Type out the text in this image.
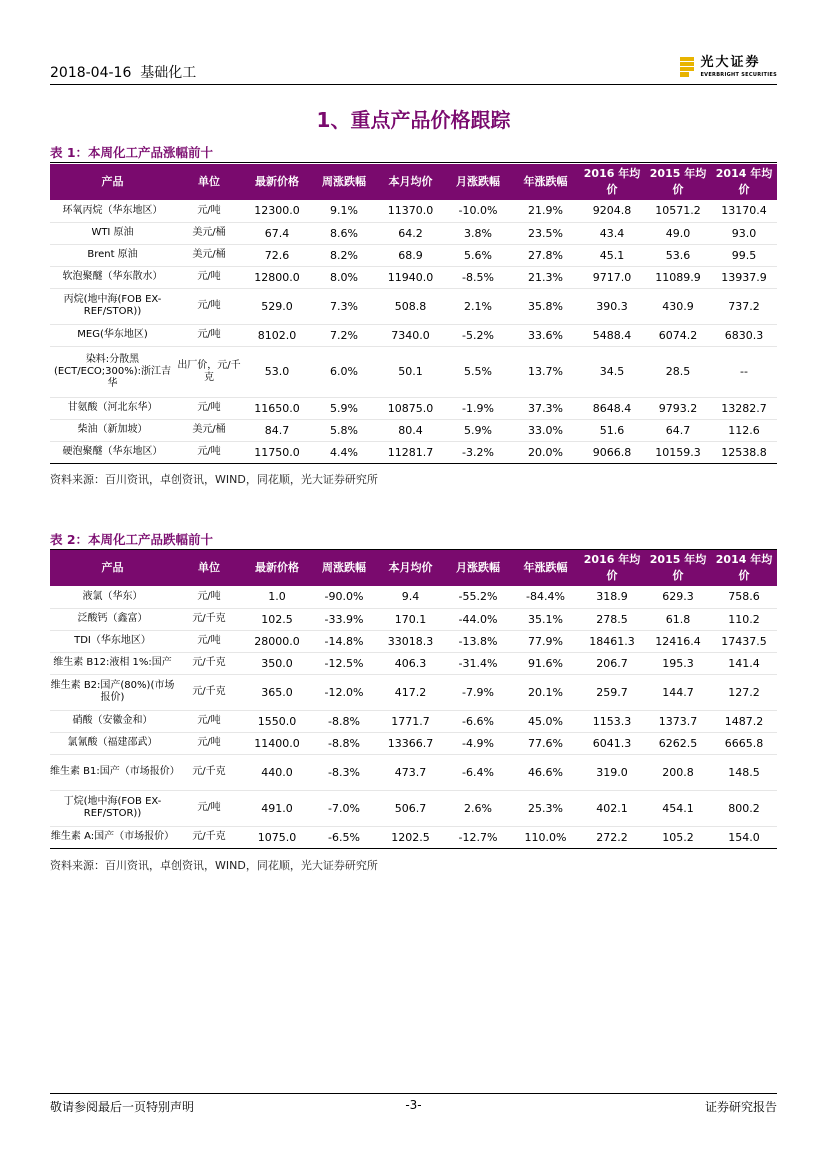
2018-04-16 基础化工
光大证券
EVERBRIGHT SECURITIES
1、重点产品价格跟踪
表 1：本周化工产品涨幅前十
产品	单位	最新价格	周涨跌幅	本月均价	月涨跌幅	年涨跌幅	2016 年均价	2015 年均价	2014 年均价
环氧丙烷（华东地区）	元/吨	12300.0	9.1%	11370.0	-10.0%	21.9%	9204.8	10571.2	13170.4
WTI 原油	美元/桶	67.4	8.6%	64.2	3.8%	23.5%	43.4	49.0	93.0
Brent 原油	美元/桶	72.6	8.2%	68.9	5.6%	27.8%	45.1	53.6	99.5
软泡聚醚（华东散水）	元/吨	12800.0	8.0%	11940.0	-8.5%	21.3%	9717.0	11089.9	13937.9
丙烷(地中海(FOB EX-REF/STOR))	元/吨	529.0	7.3%	508.8	2.1%	35.8%	390.3	430.9	737.2
MEG(华东地区)	元/吨	8102.0	7.2%	7340.0	-5.2%	33.6%	5488.4	6074.2	6830.3
染料:分散黑(ECT/ECO;300%):浙江吉华	出厂价，元/千克	53.0	6.0%	50.1	5.5%	13.7%	34.5	28.5	--
甘氨酸（河北东华）	元/吨	11650.0	5.9%	10875.0	-1.9%	37.3%	8648.4	9793.2	13282.7
柴油（新加坡）	美元/桶	84.7	5.8%	80.4	5.9%	33.0%	51.6	64.7	112.6
硬泡聚醚（华东地区）	元/吨	11750.0	4.4%	11281.7	-3.2%	20.0%	9066.8	10159.3	12538.8
资料来源：百川资讯，卓创资讯，WIND，同花顺，光大证券研究所
表 2：本周化工产品跌幅前十
产品	单位	最新价格	周涨跌幅	本月均价	月涨跌幅	年涨跌幅	2016 年均价	2015 年均价	2014 年均价
液氯（华东）	元/吨	1.0	-90.0%	9.4	-55.2%	-84.4%	318.9	629.3	758.6
泛酸钙（鑫富）	元/千克	102.5	-33.9%	170.1	-44.0%	35.1%	278.5	61.8	110.2
TDI（华东地区）	元/吨	28000.0	-14.8%	33018.3	-13.8%	77.9%	18461.3	12416.4	17437.5
维生素 B12:液相 1%:国产	元/千克	350.0	-12.5%	406.3	-31.4%	91.6%	206.7	195.3	141.4
维生素 B2:国产(80%)(市场报价)	元/千克	365.0	-12.0%	417.2	-7.9%	20.1%	259.7	144.7	127.2
硝酸（安徽金和）	元/吨	1550.0	-8.8%	1771.7	-6.6%	45.0%	1153.3	1373.7	1487.2
氯氰酸（福建邵武）	元/吨	11400.0	-8.8%	13366.7	-4.9%	77.6%	6041.3	6262.5	6665.8
维生素 B1:国产（市场报价）	元/千克	440.0	-8.3%	473.7	-6.4%	46.6%	319.0	200.8	148.5
丁烷(地中海(FOB EX-REF/STOR))	元/吨	491.0	-7.0%	506.7	2.6%	25.3%	402.1	454.1	800.2
维生素 A:国产（市场报价）	元/千克	1075.0	-6.5%	1202.5	-12.7%	110.0%	272.2	105.2	154.0
资料来源：百川资讯，卓创资讯，WIND，同花顺，光大证券研究所
敬请参阅最后一页特别声明	-3-	证券研究报告
